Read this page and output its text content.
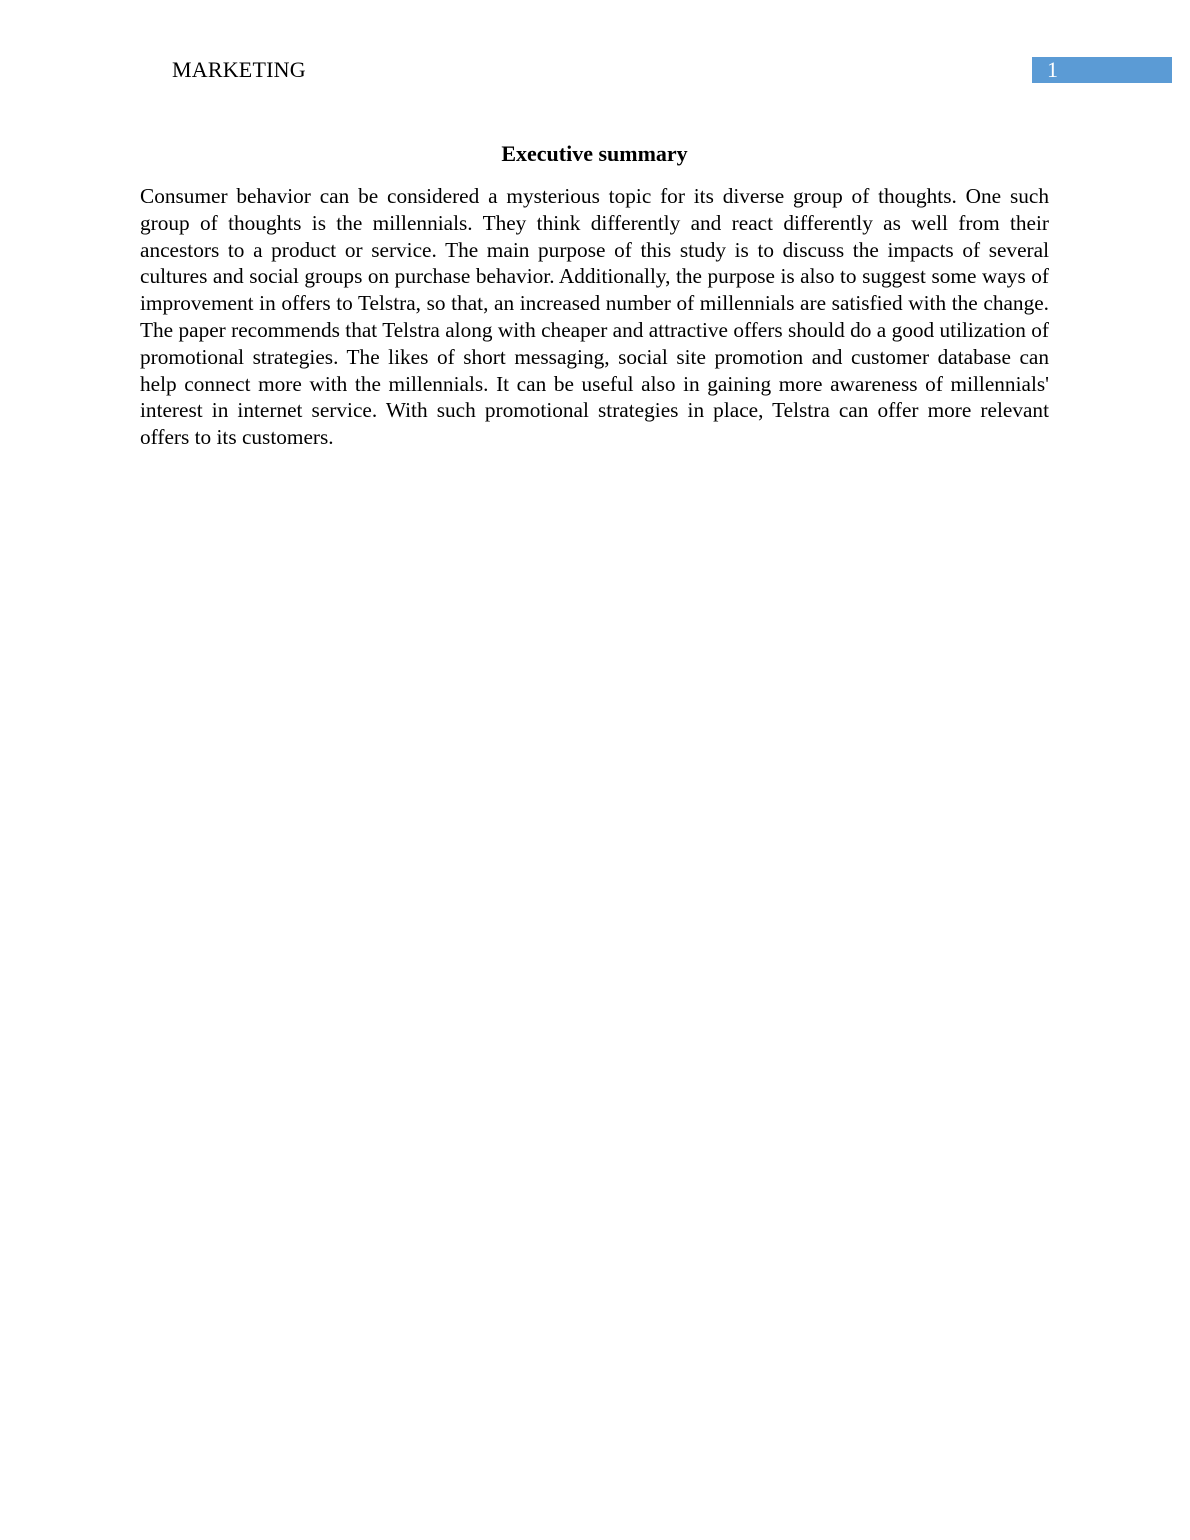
MARKETING	1
Executive summary

Consumer behavior can be considered a mysterious topic for its diverse group of thoughts. One such group of thoughts is the millennials. They think differently and react differently as well from their ancestors to a product or service. The main purpose of this study is to discuss the impacts of several cultures and social groups on purchase behavior. Additionally, the purpose is also to suggest some ways of improvement in offers to Telstra, so that, an increased number of millennials are satisfied with the change. The paper recommends that Telstra along with cheaper and attractive offers should do a good utilization of promotional strategies. The likes of short messaging, social site promotion and customer database can help connect more with the millennials. It can be useful also in gaining more awareness of millennials' interest in internet service. With such promotional strategies in place, Telstra can offer more relevant offers to its customers.
